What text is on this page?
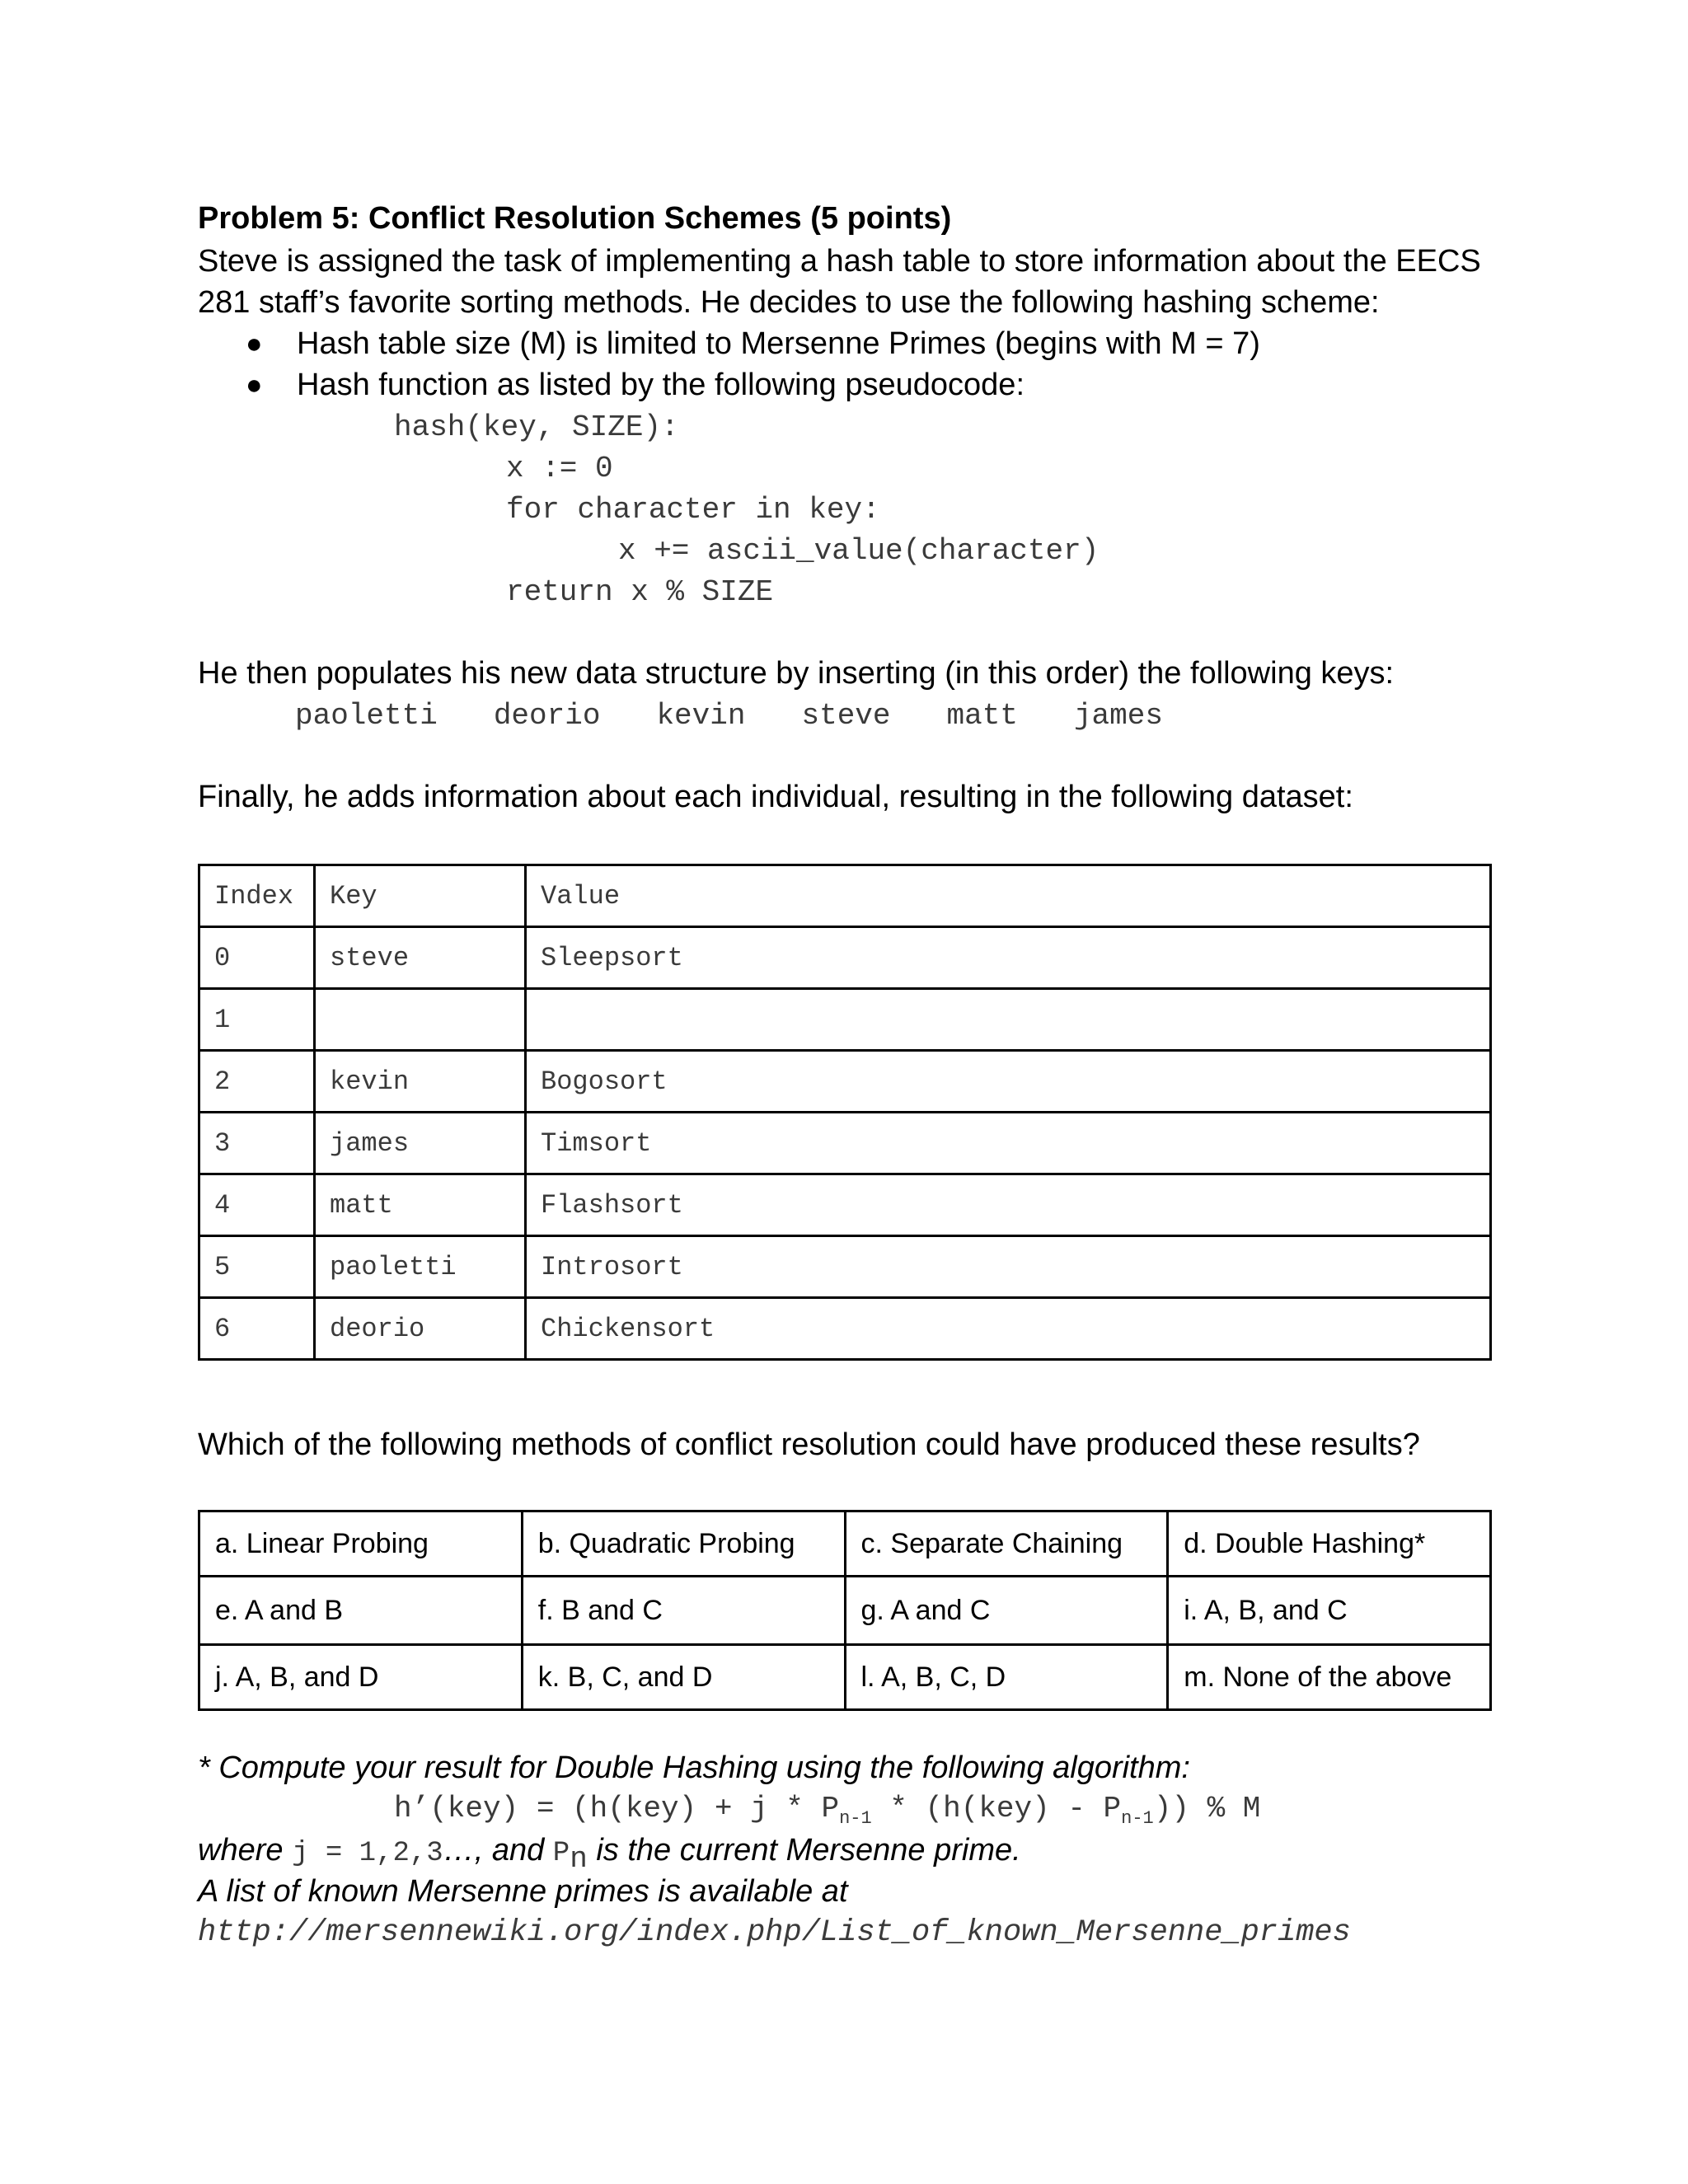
Problem 5: Conflict Resolution Schemes (5 points)
Steve is assigned the task of implementing a hash table to store information about the EECS
281 staff’s favorite sorting methods. He decides to use the following hashing scheme:
● Hash table size (M) is limited to Mersenne Primes (begins with M = 7)
● Hash function as listed by the following pseudocode:
hash(key, SIZE):
x := 0
for character in key:
x += ascii_value(character)
return x % SIZE
He then populates his new data structure by inserting (in this order) the following keys:
paoletti deorio kevin steve matt james
Finally, he adds information about each individual, resulting in the following dataset:
Index	Key	Value
0	steve	Sleepsort
1		
2	kevin	Bogosort
3	james	Timsort
4	matt	Flashsort
5	paoletti	Introsort
6	deorio	Chickensort
Which of the following methods of conflict resolution could have produced these results?
a. Linear Probing	b. Quadratic Probing	c. Separate Chaining	d. Double Hashing*
e. A and B	f. B and C	g. A and C	i. A, B, and C
j. A, B, and D	k. B, C, and D	l. A, B, C, D	m. None of the above
* Compute your result for Double Hashing using the following algorithm:
h’(key) = $(h(key) + j * P_{n-1} * (h(key) - P_{n-1}))$ % M
where j = 1,2,3…, and $P_n$ is the current Mersenne prime.
A list of known Mersenne primes is available at
http://mersennewiki.org/index.php/List_of_known_Mersenne_primes
